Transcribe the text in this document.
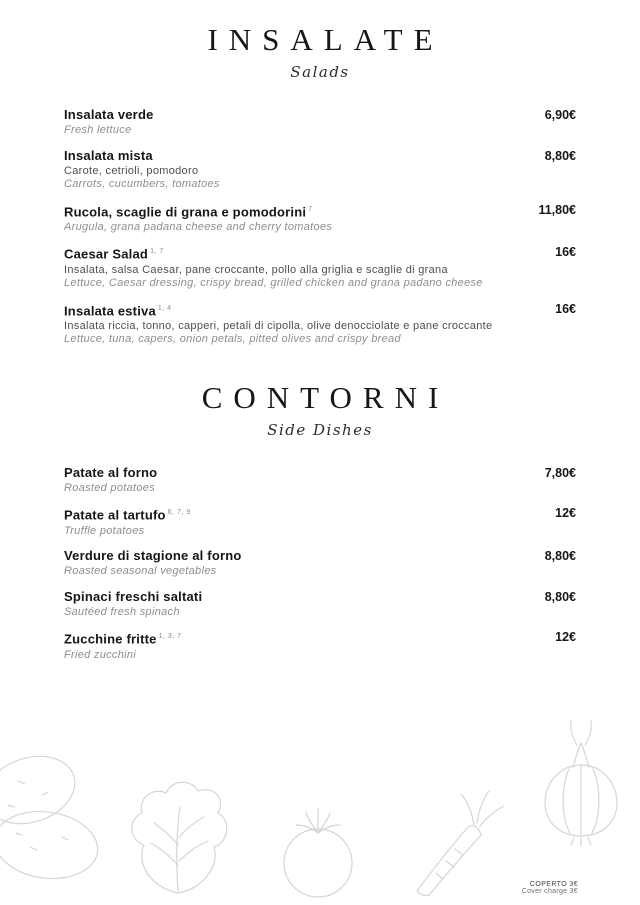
INSALATE
Salads
Insalata verde

Fresh lettuce

6,90€
Insalata mista

Carote, cetrioli, pomodoro

Carrots, cucumbers, tomatoes

8,80€
Rucola, scaglie di grana e pomodorini $^7$

Arugula, grana padana cheese and cherry tomatoes

11,80€
Caesar Salad $^{1, 7}$

Insalata, salsa Caesar, pane croccante, pollo alla griglia e scaglie di grana

Lettuce, Caesar dressing, crispy bread, grilled chicken and grana padano cheese

16€
Insalata estiva $^{1, 4}$

Insalata riccia, tonno, capperi, petali di cipolla, olive denocciolate e pane croccante

Lettuce, tuna, capers, onion petals, pitted olives and crispy bread

16€
CONTORNI
Side Dishes
Patate al forno

Roasted potatoes

7,80€
Patate al tartufo $^{6, 7, 9}$

Truffle potatoes

12€
Verdure di stagione al forno

Roasted seasonal vegetables

8,80€
Spinaci freschi saltati

Sautéed fresh spinach

8,80€
Zucchine fritte $^{1, 3, 7}$

Fried zucchini

12€
COPERTO 3€
Cover charge 3€
